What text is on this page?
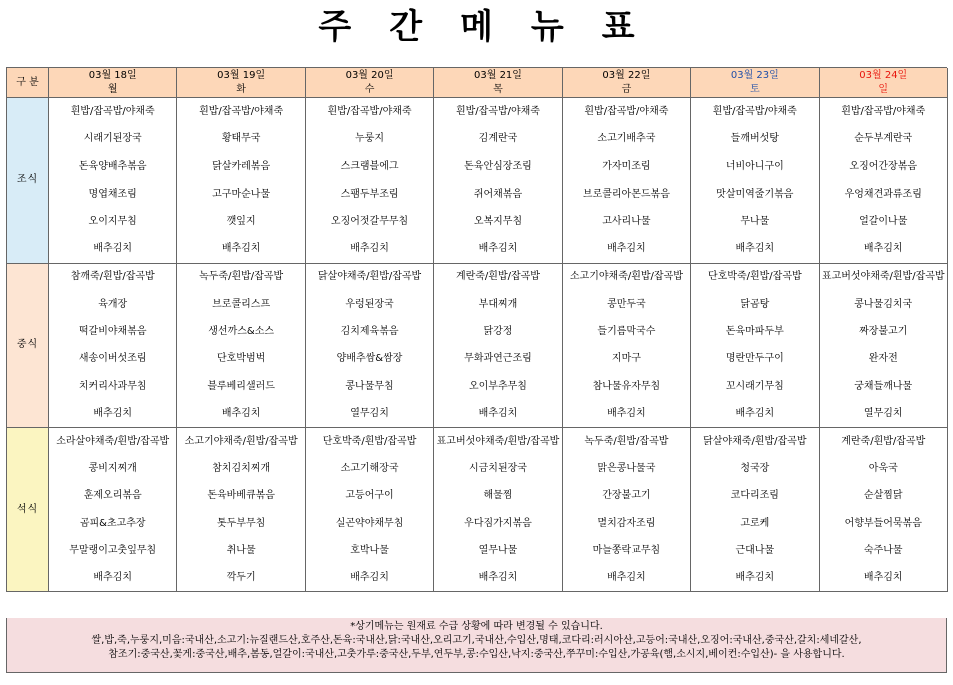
주간메뉴표
구 분
03월 18일	03월 19일	03월 20일	03월 21일	03월 22일	03월 23일	03월 24일
월	화	수	목	금	토	일
조식
흰밥/잡곡밥/야채죽	흰밥/잡곡밥/야채죽	흰밥/잡곡밥/야채죽	흰밥/잡곡밥/야채죽	흰밥/잡곡밥/야채죽	흰밥/잡곡밥/야채죽	흰밥/잡곡밥/야채죽
시래기된장국	황태무국	누룽지	김계란국	소고기배추국	들깨버섯탕	순두부계란국
돈육양배추볶음	닭살카레볶음	스크램블에그	돈육안심장조림	가자미조림	너비아니구이	오징어간장볶음
명엽채조림	고구마순나물	스팸두부조림	쥐어채볶음	브로콜리아몬드볶음	맛살미역줄기볶음	우엉채견과류조림
오이지무침	깻잎지	오징어젓갈무무침	오복지무침	고사리나물	무나물	얼갈이나물
배추김치	배추김치	배추김치	배추김치	배추김치	배추김치	배추김치
중식
참깨죽/흰밥/잡곡밥	녹두죽/흰밥/잡곡밥	닭살야채죽/흰밥/잡곡밥	계란죽/흰밥/잡곡밥	소고기야채죽/흰밥/잡곡밥	단호박죽/흰밥/잡곡밥	표고버섯야채죽/흰밥/잡곡밥
육개장	브로콜리스프	우렁된장국	부대찌개	콩만두국	닭곰탕	콩나물김치국
떡갈비야채볶음	생선까스&소스	김치제육볶음	닭강정	들기름막국수	돈육마파두부	짜장불고기
새송이버섯조림	단호박범벅	양배추쌈&쌈장	무화과연근조림	지마구	명란만두구이	완자전
치커리사과무침	블루베리샐러드	콩나물무침	오이부추무침	참나물유자무침	꼬시래기무침	궁채들깨나물
배추김치	배추김치	열무김치	배추김치	배추김치	배추김치	열무김치
석식
소라살야채죽/흰밥/잡곡밥	소고기야채죽/흰밥/잡곡밥	단호박죽/흰밥/잡곡밥	표고버섯야채죽/흰밥/잡곡밥	녹두죽/흰밥/잡곡밥	닭살야채죽/흰밥/잡곡밥	계란죽/흰밥/잡곡밥
콩비지찌개	참치김치찌개	소고기해장국	시금치된장국	맑은콩나물국	청국장	아욱국
훈제오리볶음	돈육바베큐볶음	고등어구이	해물찜	간장불고기	코다리조림	순살찜닭
곰피&초고추장	톳두부무침	실곤약야채무침	우다짐가지볶음	멸치감자조림	고로케	어향부들어묵볶음
무말랭이고춧잎무침	취나물	호박나물	열무나물	마늘쫑락교무침	근대나물	숙주나물
배추김치	깍두기	배추김치	배추김치	배추김치	배추김치	배추김치
*상기메뉴는 원재료 수급 상황에 따라 변경될 수 있습니다.
쌀,밥,죽,누룽지,미음:국내산,소고기:뉴질랜드산,호주산,돈육:국내산,닭:국내산,오리고기,국내산,수입산,명태,코다리:러시아산,고등어:국내산,오징어:국내산,중국산,갈치:세네갈산,
참조기:중국산,꽃게:중국산,배추,봄동,얼갈이:국내산,고춧가루:중국산,두부,연두부,콩:수입산,낙지:중국산,쭈꾸미:수입산,가공육(햄,소시지,베이컨:수입산)- 을 사용합니다.
